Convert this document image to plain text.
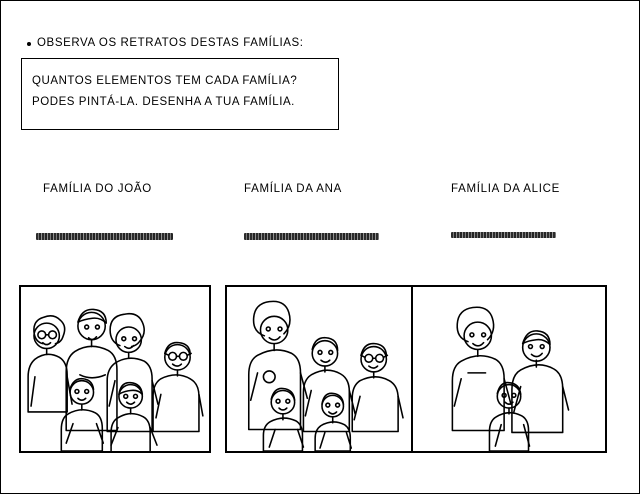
OBSERVA OS RETRATOS DESTAS FAMÍLIAS:
QUANTOS ELEMENTOS TEM CADA FAMÍLIA?
PODES PINTÁ-LA. DESENHA A TUA FAMÍLIA.
FAMÍLIA DO JOÃO	FAMÍLIA DA ANA	FAMÍLIA DA ALICE
